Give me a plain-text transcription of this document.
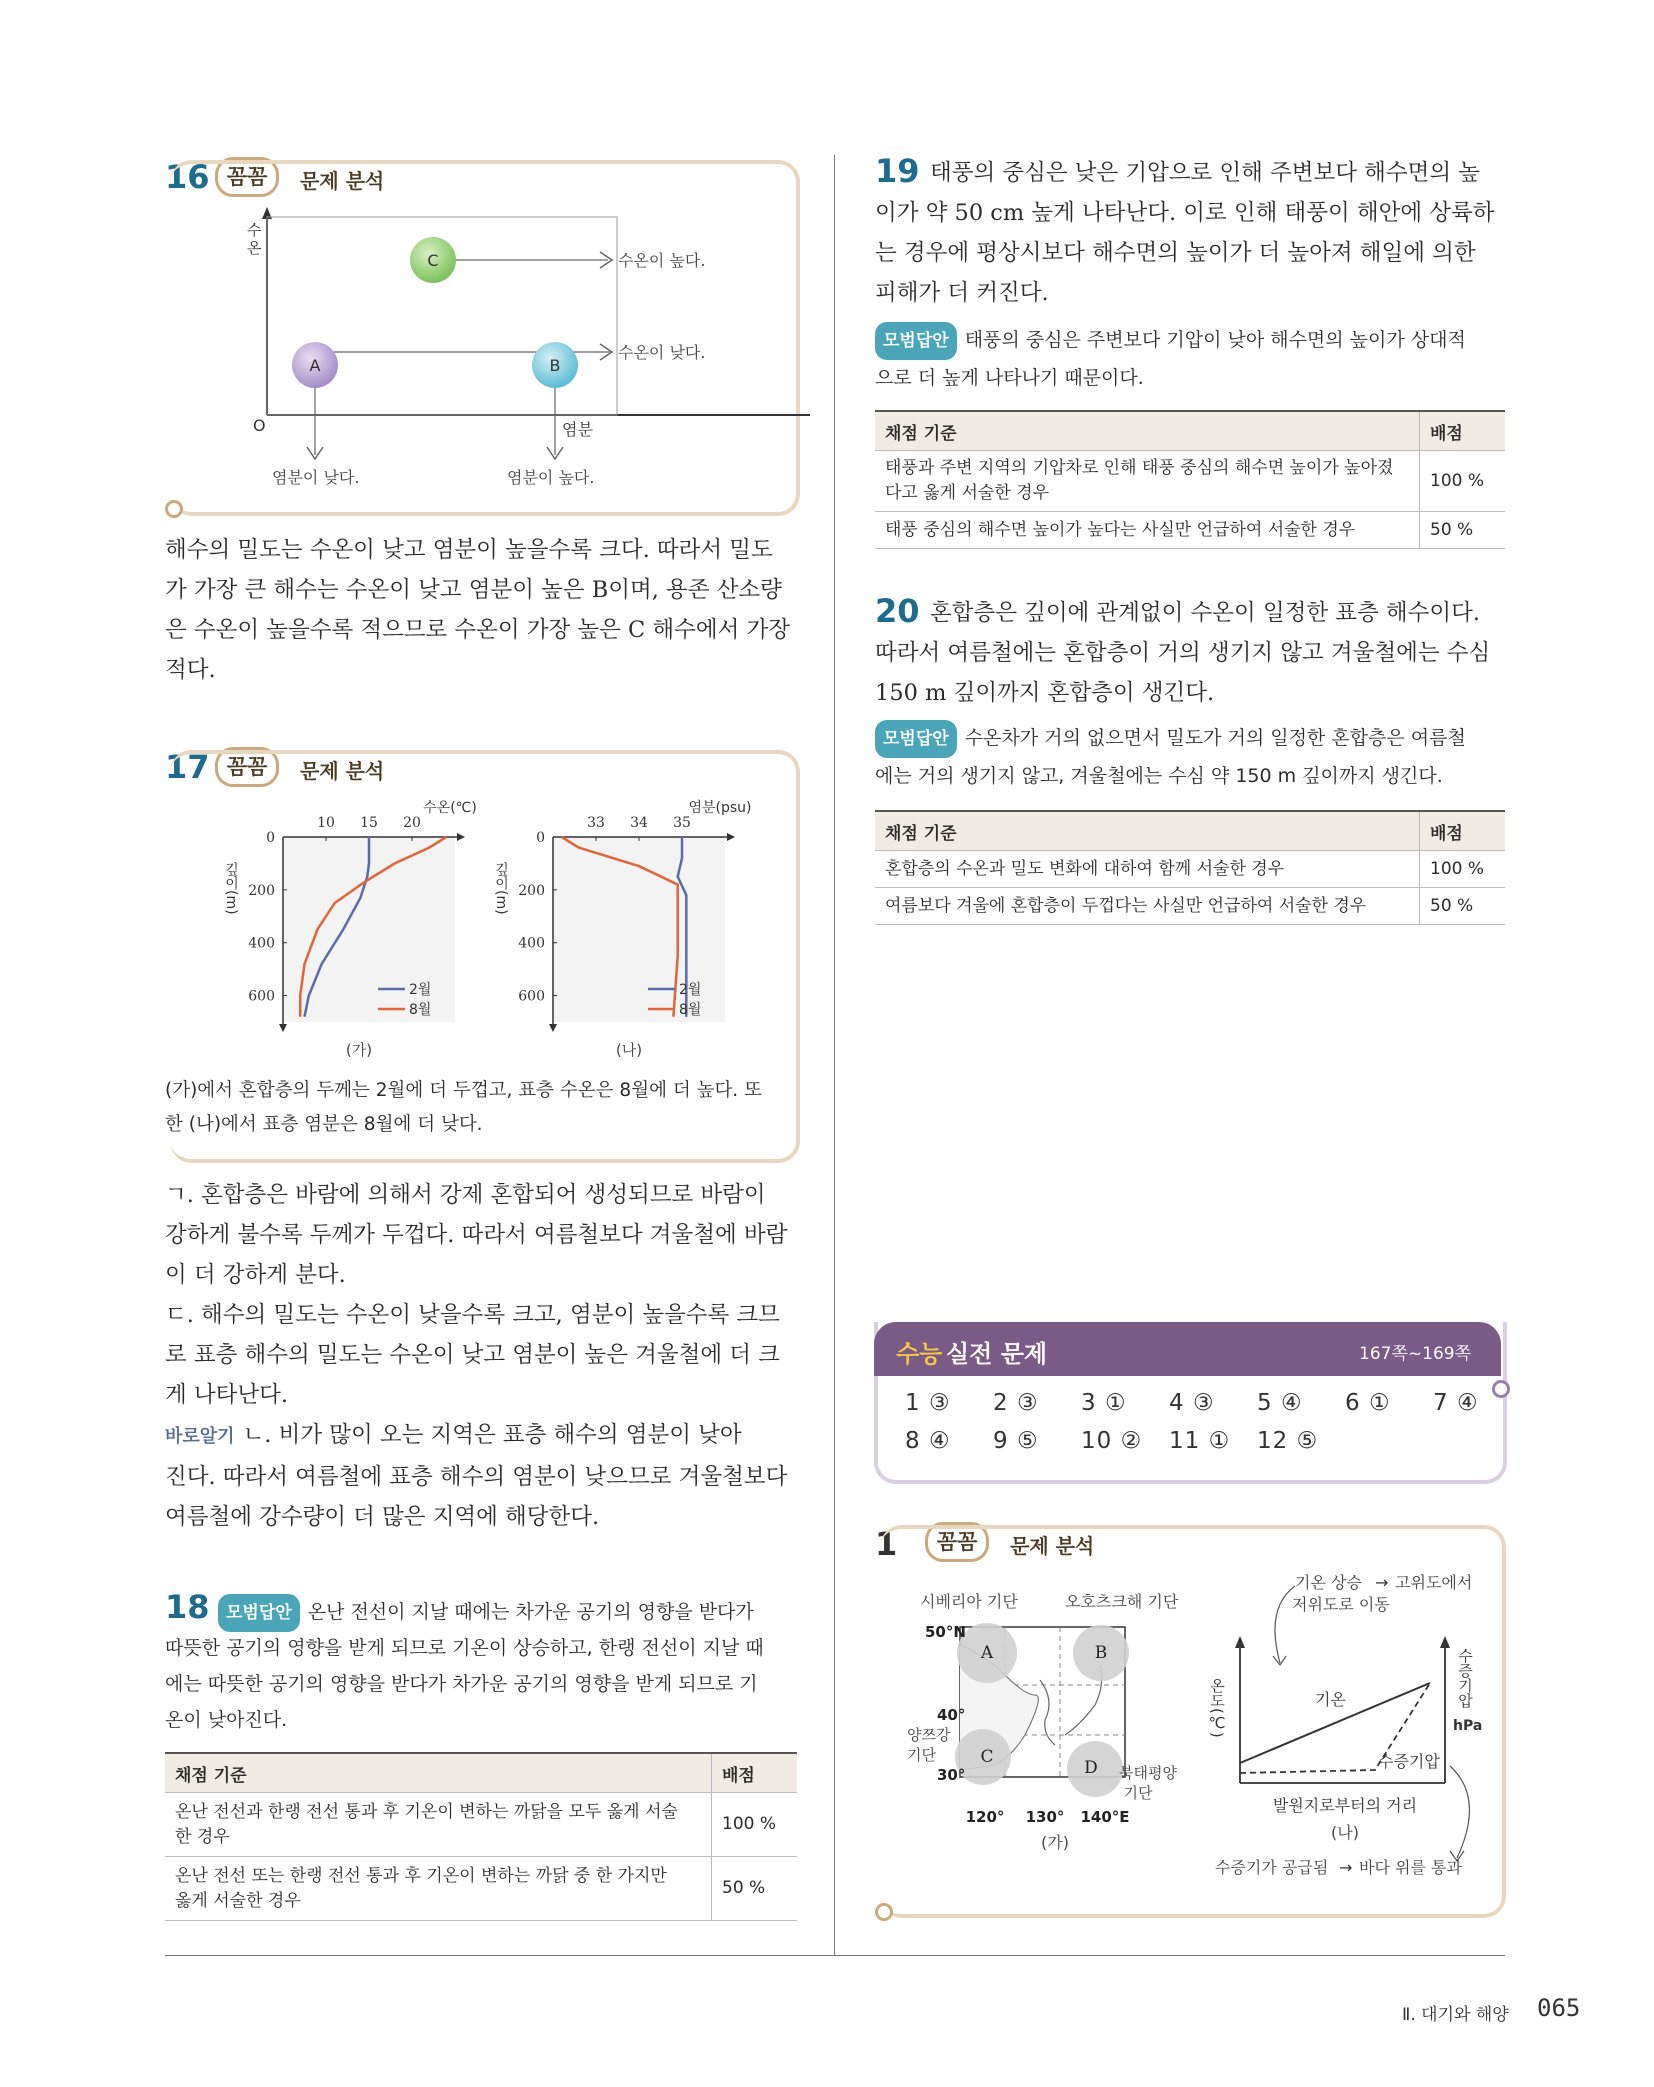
16 꼼꼼	문제 분석
C
A	B
O	염분
수
온
수온이 높다.
수온이 낮다.
염분이 낮다.	염분이 높다.
해수의 밀도는 수온이 낮고 염분이 높을수록 크다. 따라서 밀도
가 가장 큰 해수는 수온이 낮고 염분이 높은 B이며, 용존 산소량
은 수온이 높을수록 적으므로 수온이 가장 높은 C 해수에서 가장
적다.
17 꼼꼼	문제 분석
수온(℃)
10 15 20
0
200
400
600
깊이(m)
2월
8월
(가)
염분(psu)
33 34 35
0
200
400
600
깊이(m)
2월
8월
(나)
(가)에서 혼합층의 두께는 2월에 더 두껍고, 표층 수온은 8월에 더 높다. 또
한 (나)에서 표층 염분은 8월에 더 낮다.
ㄱ. 혼합층은 바람에 의해서 강제 혼합되어 생성되므로 바람이
강하게 불수록 두께가 두껍다. 따라서 여름철보다 겨울철에 바람
이 더 강하게 분다.
ㄷ. 해수의 밀도는 수온이 낮을수록 크고, 염분이 높을수록 크므
로 표층 해수의 밀도는 수온이 낮고 염분이 높은 겨울철에 더 크
게 나타난다.
바로알기 ㄴ. 비가 많이 오는 지역은 표층 해수의 염분이 낮아
진다. 따라서 여름철에 표층 해수의 염분이 낮으므로 겨울철보다
여름철에 강수량이 더 많은 지역에 해당한다.
18 모범답안 온난 전선이 지날 때에는 차가운 공기의 영향을 받다가
따뜻한 공기의 영향을 받게 되므로 기온이 상승하고, 한랭 전선이 지날 때
에는 따뜻한 공기의 영향을 받다가 차가운 공기의 영향을 받게 되므로 기
온이 낮아진다.
채점 기준	배점
온난 전선과 한랭 전선 통과 후 기온이 변하는 까닭을 모두 옳게 서술
한 경우	100 %
온난 전선 또는 한랭 전선 통과 후 기온이 변하는 까닭 중 한 가지만
옳게 서술한 경우	50 %
19 태풍의 중심은 낮은 기압으로 인해 주변보다 해수면의 높
이가 약 50 cm 높게 나타난다. 이로 인해 태풍이 해안에 상륙하
는 경우에 평상시보다 해수면의 높이가 더 높아져 해일에 의한
피해가 더 커진다.
모범답안 태풍의 중심은 주변보다 기압이 낮아 해수면의 높이가 상대적
으로 더 높게 나타나기 때문이다.
채점 기준	배점
태풍과 주변 지역의 기압차로 인해 태풍 중심의 해수면 높이가 높아졌
다고 옳게 서술한 경우	100 %
태풍 중심의 해수면 높이가 높다는 사실만 언급하여 서술한 경우	50 %
20 혼합층은 깊이에 관계없이 수온이 일정한 표층 해수이다.
따라서 여름철에는 혼합층이 거의 생기지 않고 겨울철에는 수심
150 m 깊이까지 혼합층이 생긴다.
모범답안 수온차가 거의 없으면서 밀도가 거의 일정한 혼합층은 여름철
에는 거의 생기지 않고, 겨울철에는 수심 약 150 m 깊이까지 생긴다.
채점 기준	배점
혼합층의 수온과 밀도 변화에 대하여 함께 서술한 경우	100 %
여름보다 겨울에 혼합층이 두껍다는 사실만 언급하여 서술한 경우	50 %
수능 실전 문제	167쪽~169쪽
1	꼼꼼	문제 분석
시베리아 기단	오호츠크해 기단
A	B
C
D
50°N
40°
30°
양쯔강
기단
북태평양
기단
120° 130° 140°E
(가)
기온 상승 → 고위도에서
저위도로 이동
온도(℃)	수증기압
hPa
기온
수증기압
발원지로부터의 거리
(나)
수증기가 공급됨 → 바다 위를 통과
Ⅱ. 대기와 해양 065
1 ③ 2 ③ 3 ① 4 ③ 5 ④ 6 ① 7 ④
8 ④ 9 ⑤ 10 ② 11 ① 12 ⑤
